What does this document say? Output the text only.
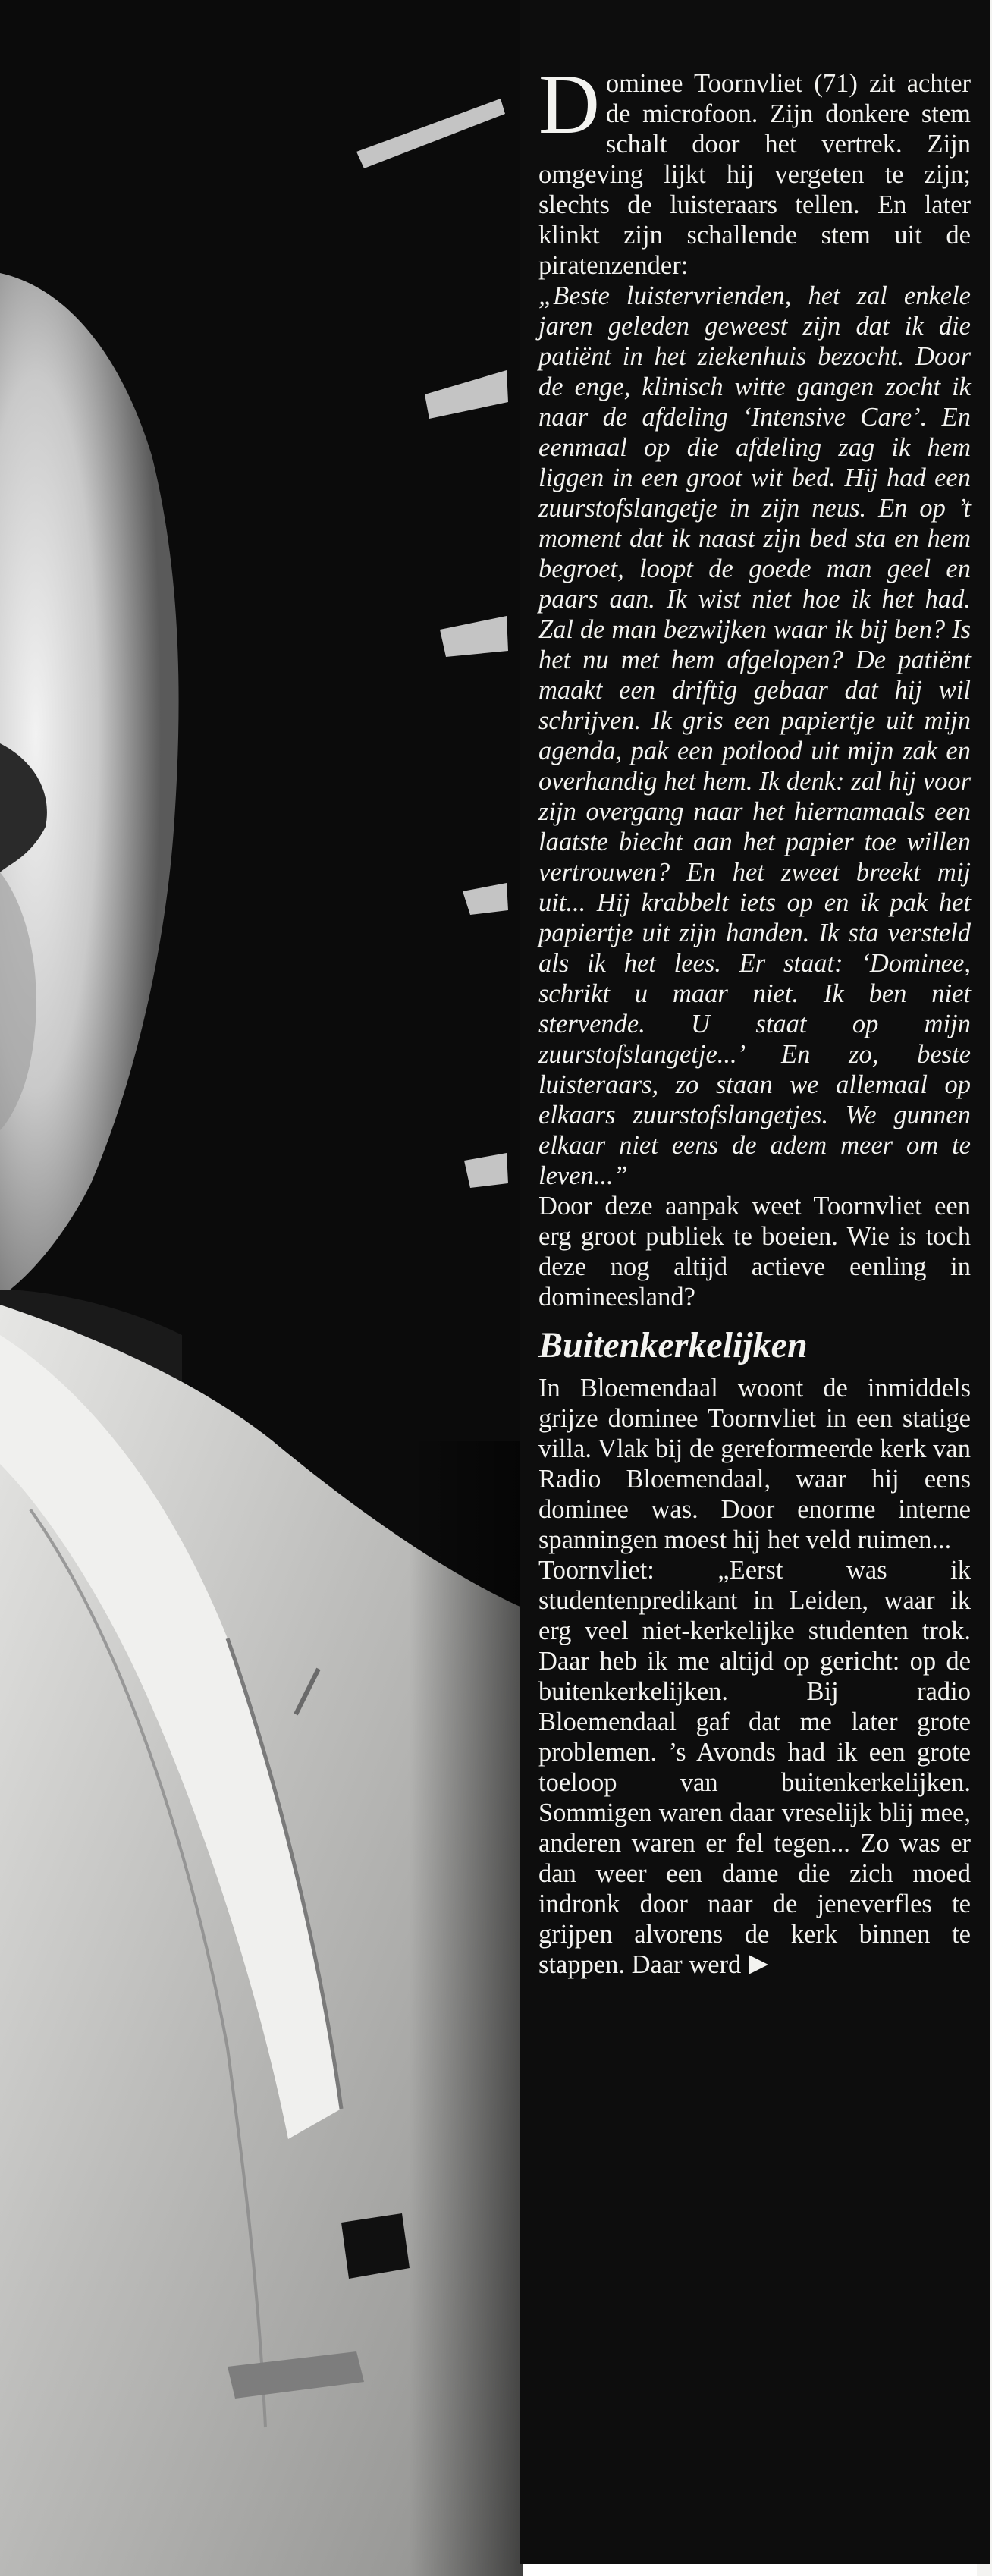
Dominee Toornvliet (71) zit achter de microfoon. Zijn donkere stem schalt door het vertrek. Zijn omgeving lijkt hij vergeten te zijn; slechts de luisteraars tellen. En later klinkt zijn schallende stem uit de piratenzender:

„Beste luistervrienden, het zal enkele jaren geleden geweest zijn dat ik die patiënt in het ziekenhuis bezocht. Door de enge, klinisch witte gangen zocht ik naar de afdeling ‘Intensive Care’. En eenmaal op die afdeling zag ik hem liggen in een groot wit bed. Hij had een zuurstofslangetje in zijn neus. En op ’t moment dat ik naast zijn bed sta en hem begroet, loopt de goede man geel en paars aan. Ik wist niet hoe ik het had. Zal de man bezwijken waar ik bij ben? Is het nu met hem afgelopen? De patiënt maakt een driftig gebaar dat hij wil schrijven. Ik gris een papiertje uit mijn agenda, pak een potlood uit mijn zak en overhandig het hem. Ik denk: zal hij voor zijn overgang naar het hiernamaals een laatste biecht aan het papier toe willen vertrouwen? En het zweet breekt mij uit... Hij krabbelt iets op en ik pak het papiertje uit zijn handen. Ik sta versteld als ik het lees. Er staat: ‘Dominee, schrikt u maar niet. Ik ben niet stervende. U staat op mijn zuurstofslangetje...’ En zo, beste luisteraars, zo staan we allemaal op elkaars zuurstofslangetjes. We gunnen elkaar niet eens de adem meer om te leven...”

Door deze aanpak weet Toornvliet een erg groot publiek te boeien. Wie is toch deze nog altijd actieve eenling in domineesland?

Buitenkerkelijken

In Bloemendaal woont de inmiddels grijze dominee Toornvliet in een statige villa. Vlak bij de gereformeerde kerk van Radio Bloemendaal, waar hij eens dominee was. Door enorme interne spanningen moest hij het veld ruimen...

Toornvliet: „Eerst was ik studentenpredikant in Leiden, waar ik erg veel niet-kerkelijke studenten trok. Daar heb ik me altijd op gericht: op de buitenkerkelijken. Bij radio Bloemendaal gaf dat me later grote problemen. ’s Avonds had ik een grote toeloop van buitenkerkelijken. Sommigen waren daar vreselijk blij mee, anderen waren er fel tegen... Zo was er dan weer een dame die zich moed indronk door naar de jeneverfles te grijpen alvorens de kerk binnen te stappen. Daar werd
